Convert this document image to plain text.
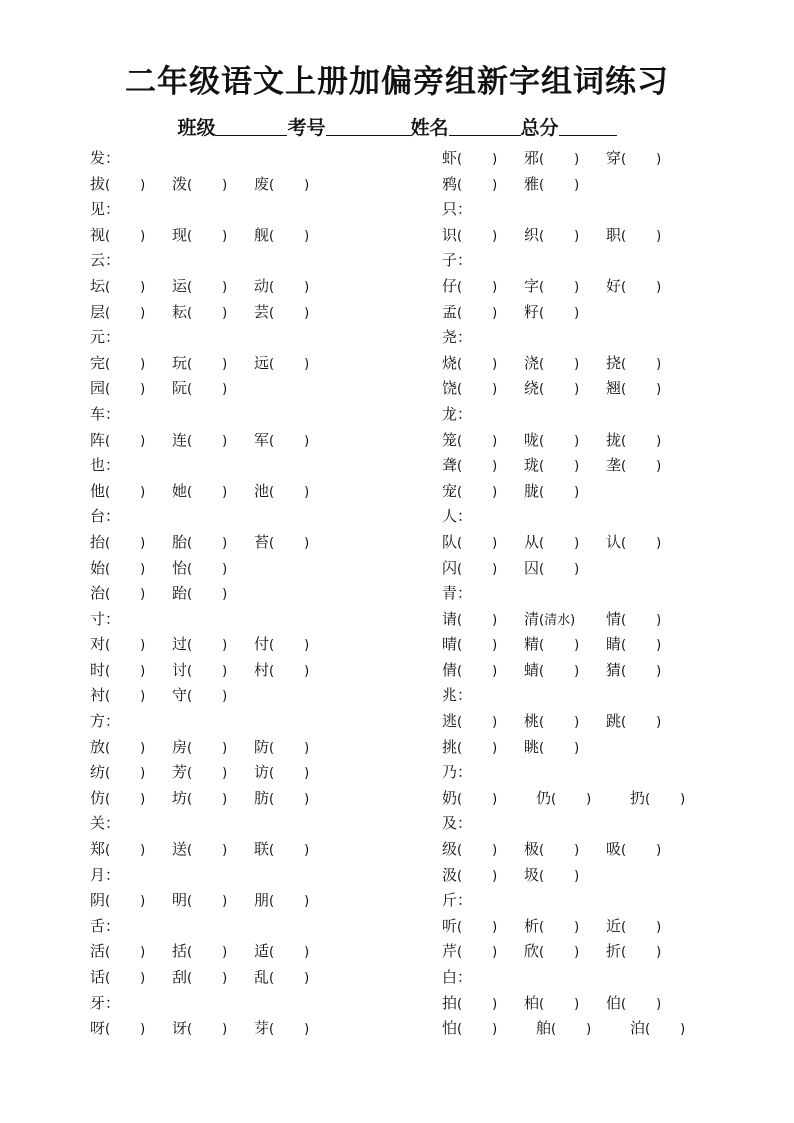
二年级语文上册加偏旁组新字组词练习
班级	考号	姓名	总分
发：
拔( ) 泼( ) 废( )
见：
视( ) 现( ) 舰( )
云：
坛( ) 运( ) 动( )
层( ) 耘( ) 芸( )
元：
完( ) 玩( ) 远( )
园( ) 阮( )
车：
阵( ) 连( ) 军( )
也：
他( ) 她( ) 池( )
台：
抬( ) 胎( ) 苔( )
始( ) 怡( )
治( ) 跆( )
寸：
对( ) 过( ) 付( )
时( ) 讨( ) 村( )
衬( ) 守( )
方：
放( ) 房( ) 防( )
纺( ) 芳( ) 访( )
仿( ) 坊( ) 肪( )
关：
郑( ) 送( ) 联( )
月：
阴( ) 明( ) 朋( )
舌：
活( ) 括( ) 适( )
话( ) 刮( ) 乱( )
牙：
呀( ) 讶( ) 芽( )
虾( ) 邪( ) 穿( )
鸦( ) 雅( )
只：
识( ) 织( ) 职( )
子：
仔( ) 字( ) 好( )
孟( ) 籽( )
尧：
烧( ) 浇( ) 挠( )
饶( ) 绕( ) 翘( )
龙：
笼( ) 咙( ) 拢( )
聋( ) 珑( ) 垄( )
宠( ) 胧( )
人：
队( ) 从( ) 认( )
闪( ) 囚( )
青：
请( ) 清(清水) 情( )
晴( ) 精( ) 睛( )
倩( ) 蜻( ) 猜( )
兆：
逃( ) 桃( ) 跳( )
挑( ) 眺( )
乃：
奶( )	仍( )	扔( )
及：
级( ) 极( ) 吸( )
汲( ) 圾( )
斤：
听( ) 析( ) 近( )
芹( ) 欣( ) 折( )
白：
拍( ) 柏( ) 伯( )
怕( )	舶( )	泊( )
